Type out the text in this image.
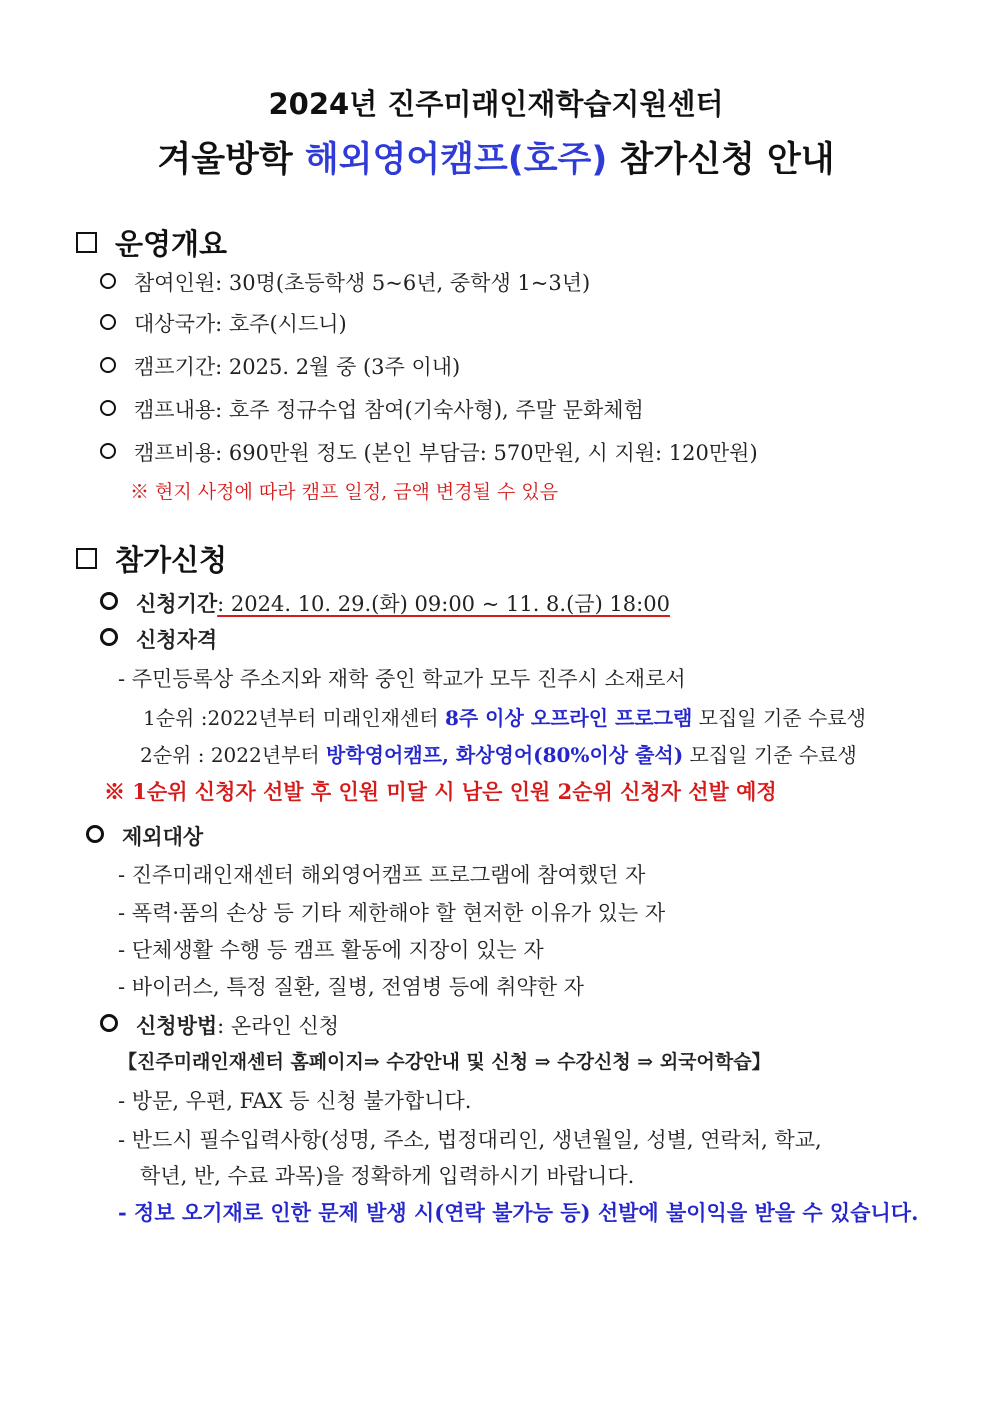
2024년 진주미래인재학습지원센터
겨울방학 해외영어캠프(호주) 참가신청 안내
운영개요
참여인원: 30명(초등학생 5~6년, 중학생 1~3년)
대상국가: 호주(시드니)
캠프기간: 2025. 2월 중 (3주 이내)
캠프내용: 호주 정규수업 참여(기숙사형), 주말 문화체험
캠프비용: 690만원 정도 (본인 부담금: 570만원, 시 지원: 120만원)
※ 현지 사정에 따라 캠프 일정, 금액 변경될 수 있음
참가신청
신청기간: 2024. 10. 29.(화) 09:00 ~ 11. 8.(금) 18:00
신청자격
- 주민등록상 주소지와 재학 중인 학교가 모두 진주시 소재로서
1순위 :2022년부터 미래인재센터 8주 이상 오프라인 프로그램 모집일 기준 수료생
2순위 : 2022년부터 방학영어캠프, 화상영어(80%이상 출석) 모집일 기준 수료생
※ 1순위 신청자 선발 후 인원 미달 시 남은 인원 2순위 신청자 선발 예정
제외대상
- 진주미래인재센터 해외영어캠프 프로그램에 참여했던 자
- 폭력·품의 손상 등 기타 제한해야 할 현저한 이유가 있는 자
- 단체생활 수행 등 캠프 활동에 지장이 있는 자
- 바이러스, 특정 질환, 질병, 전염병 등에 취약한 자
신청방법: 온라인 신청
【진주미래인재센터 홈페이지⇒ 수강안내 및 신청 ⇒ 수강신청 ⇒ 외국어학습】
- 방문, 우편, FAX 등 신청 불가합니다.
- 반드시 필수입력사항(성명, 주소, 법정대리인, 생년월일, 성별, 연락처, 학교,
학년, 반, 수료 과목)을 정확하게 입력하시기 바랍니다.
- 정보 오기재로 인한 문제 발생 시(연락 불가능 등) 선발에 불이익을 받을 수 있습니다.
